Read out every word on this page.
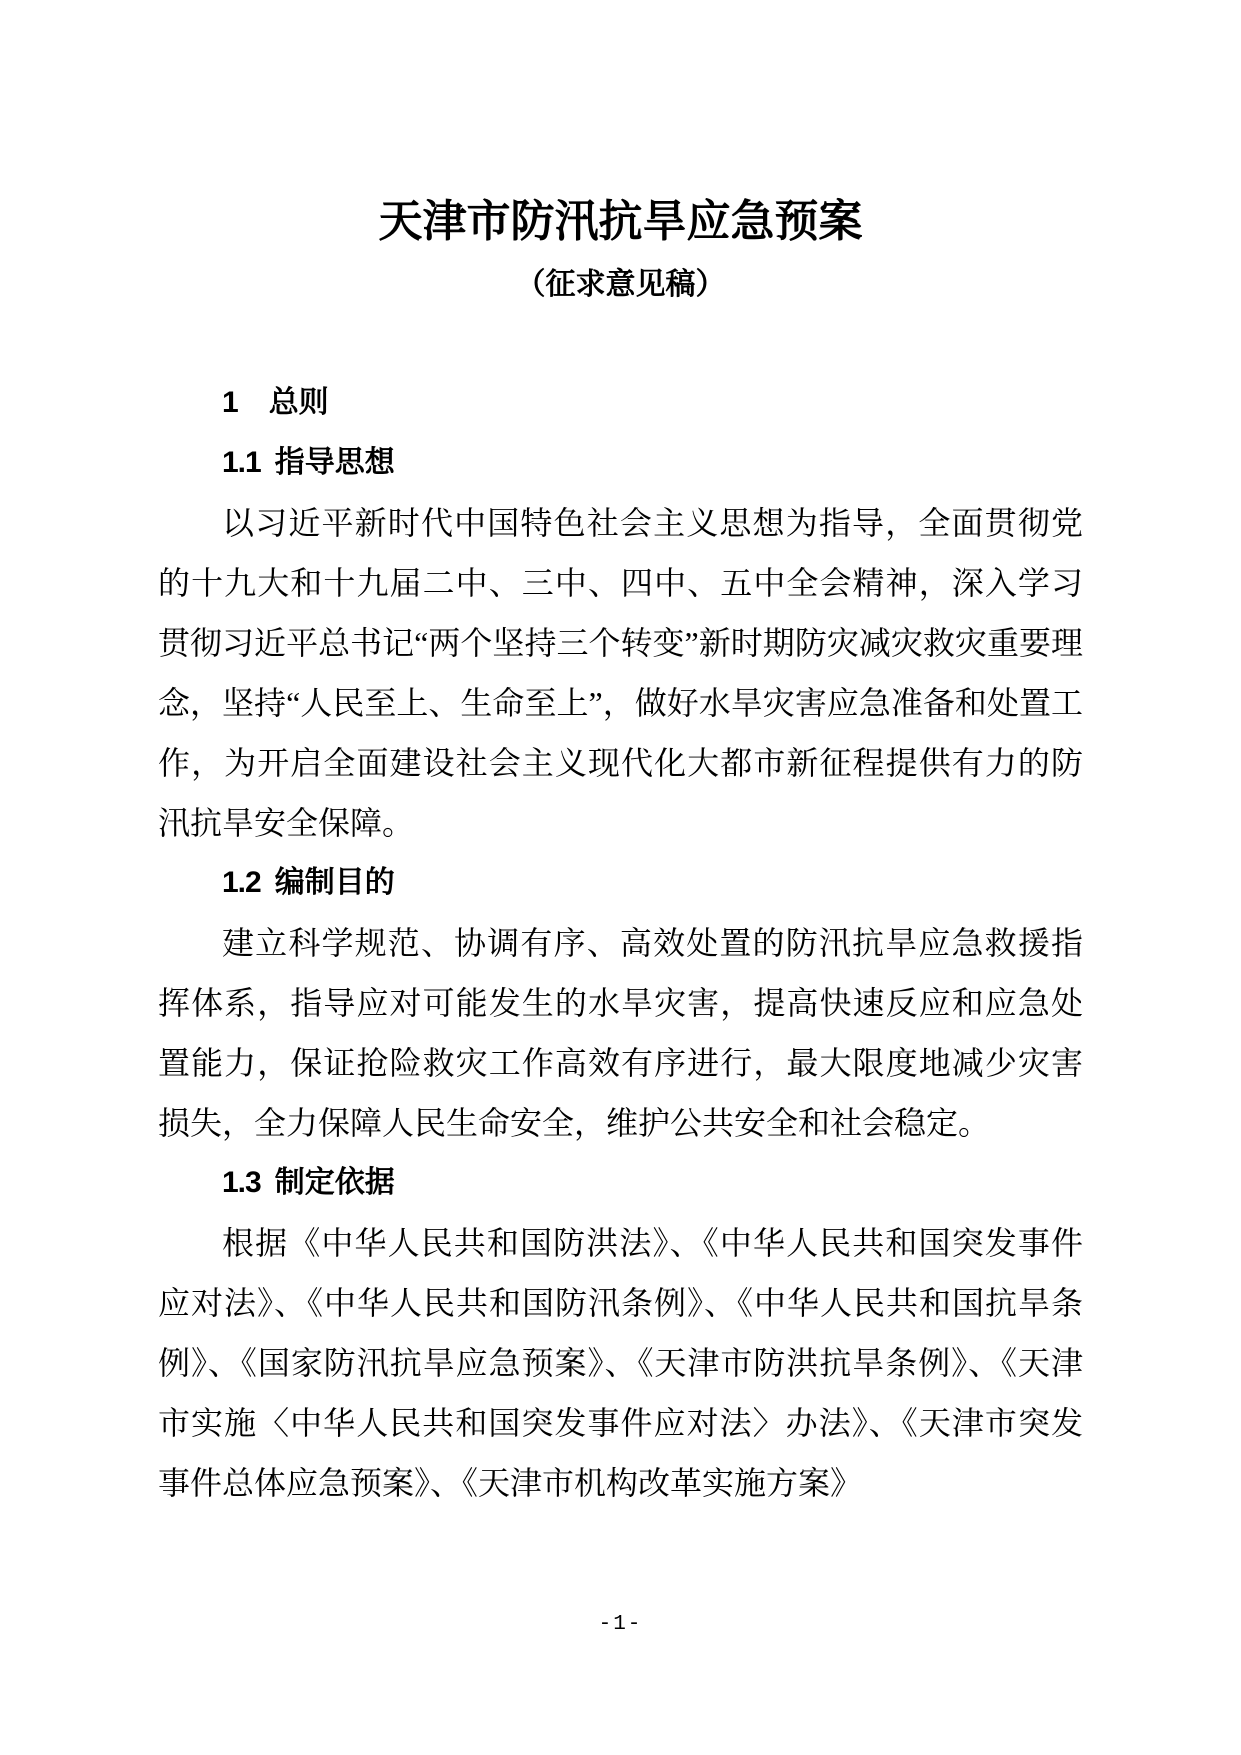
天津市防汛抗旱应急预案
（征求意见稿）
1 总则
1.1 指导思想

以习近平新时代中国特色社会主义思想为指导，全面贯彻党的十九大和十九届二中、三中、四中、五中全会精神，深入学习贯彻习近平总书记“两个坚持三个转变”新时期防灾减灾救灾重要理念，坚持“人民至上、生命至上”，做好水旱灾害应急准备和处置工作，为开启全面建设社会主义现代化大都市新征程提供有力的防汛抗旱安全保障。

1.2 编制目的

建立科学规范、协调有序、高效处置的防汛抗旱应急救援指挥体系，指导应对可能发生的水旱灾害，提高快速反应和应急处置能力，保证抢险救灾工作高效有序进行，最大限度地减少灾害损失，全力保障人民生命安全，维护公共安全和社会稳定。

1.3 制定依据

根据《中华人民共和国防洪法》、《中华人民共和国突发事件应对法》、《中华人民共和国防汛条例》、《中华人民共和国抗旱条例》、《国家防汛抗旱应急预案》、《天津市防洪抗旱条例》、《天津市实施〈中华人民共和国突发事件应对法〉办法》、《天津市突发事件总体应急预案》、《天津市机构改革实施方案》

-1-
